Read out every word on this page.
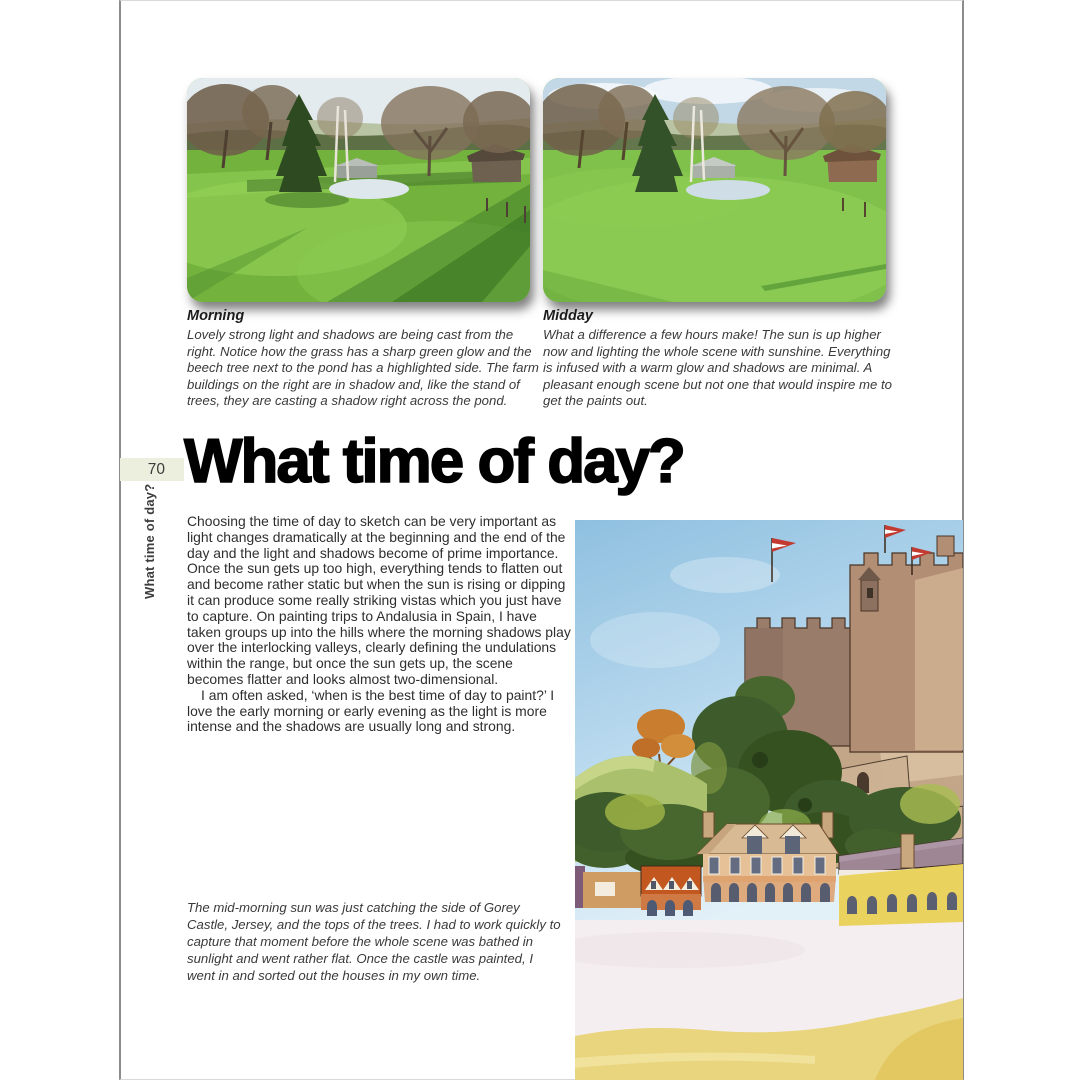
Morning
Lovely strong light and shadows are being cast from the right. Notice how the grass has a sharp green glow and the beech tree next to the pond has a highlighted side. The farm buildings on the right are in shadow and, like the stand of trees, they are casting a shadow right across the pond.
Midday
What a difference a few hours make! The sun is up higher now and lighting the whole scene with sunshine. Everything is infused with a warm glow and shadows are minimal. A pleasant enough scene but not one that would inspire me to get the paints out.
70
What time of day?
What time of day?

Choosing the time of day to sketch can be very important as light changes dramatically at the beginning and the end of the day and the light and shadows become of prime importance. Once the sun gets up too high, everything tends to flatten out and become rather static but when the sun is rising or dipping it can produce some really striking vistas which you just have to capture. On painting trips to Andalusia in Spain, I have taken groups up into the hills where the morning shadows play over the interlocking valleys, clearly defining the undulations within the range, but once the sun gets up, the scene becomes flatter and looks almost two-dimensional.

I am often asked, ‘when is the best time of day to paint?’ I love the early morning or early evening as the light is more intense and the shadows are usually long and strong.

The mid-morning sun was just catching the side of Gorey Castle, Jersey, and the tops of the trees. I had to work quickly to capture that moment before the whole scene was bathed in sunlight and went rather flat. Once the castle was painted, I went in and sorted out the houses in my own time.
